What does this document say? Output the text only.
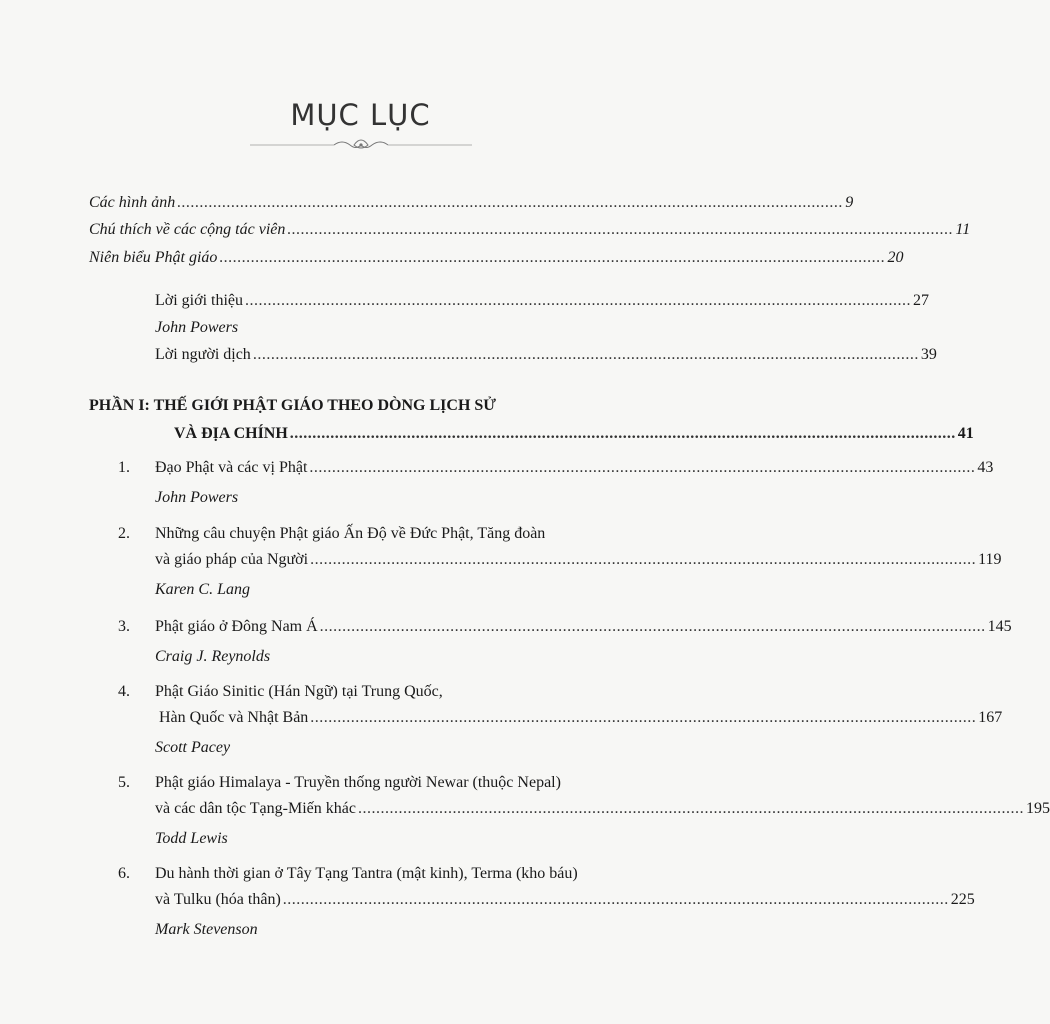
MỤC LỤC
Các hình ảnh .................................................................................................................................................... 9
Chú thích về các cộng tác viên .................................................................................................................................................... 11
Niên biểu Phật giáo .................................................................................................................................................... 20
Lời giới thiệu .................................................................................................................................................... 27
John Powers
Lời người dịch .................................................................................................................................................... 39
PHẦN I: THẾ GIỚI PHẬT GIÁO THEO DÒNG LỊCH SỬ
VÀ ĐỊA CHÍNH .................................................................................................................................................... 41
1. Đạo Phật và các vị Phật .................................................................................................................................................... 43
John Powers
2. Những câu chuyện Phật giáo Ấn Độ về Đức Phật, Tăng đoàn
và giáo pháp của Người .................................................................................................................................................... 119
Karen C. Lang
3. Phật giáo ở Đông Nam Á .................................................................................................................................................... 145
Craig J. Reynolds
4. Phật Giáo Sinitic (Hán Ngữ) tại Trung Quốc,
Hàn Quốc và Nhật Bản .................................................................................................................................................... 167
Scott Pacey
5. Phật giáo Himalaya - Truyền thống người Newar (thuộc Nepal)
và các dân tộc Tạng-Miến khác .................................................................................................................................................... 195
Todd Lewis
6. Du hành thời gian ở Tây Tạng Tantra (mật kinh), Terma (kho báu)
và Tulku (hóa thân) .................................................................................................................................................... 225
Mark Stevenson
